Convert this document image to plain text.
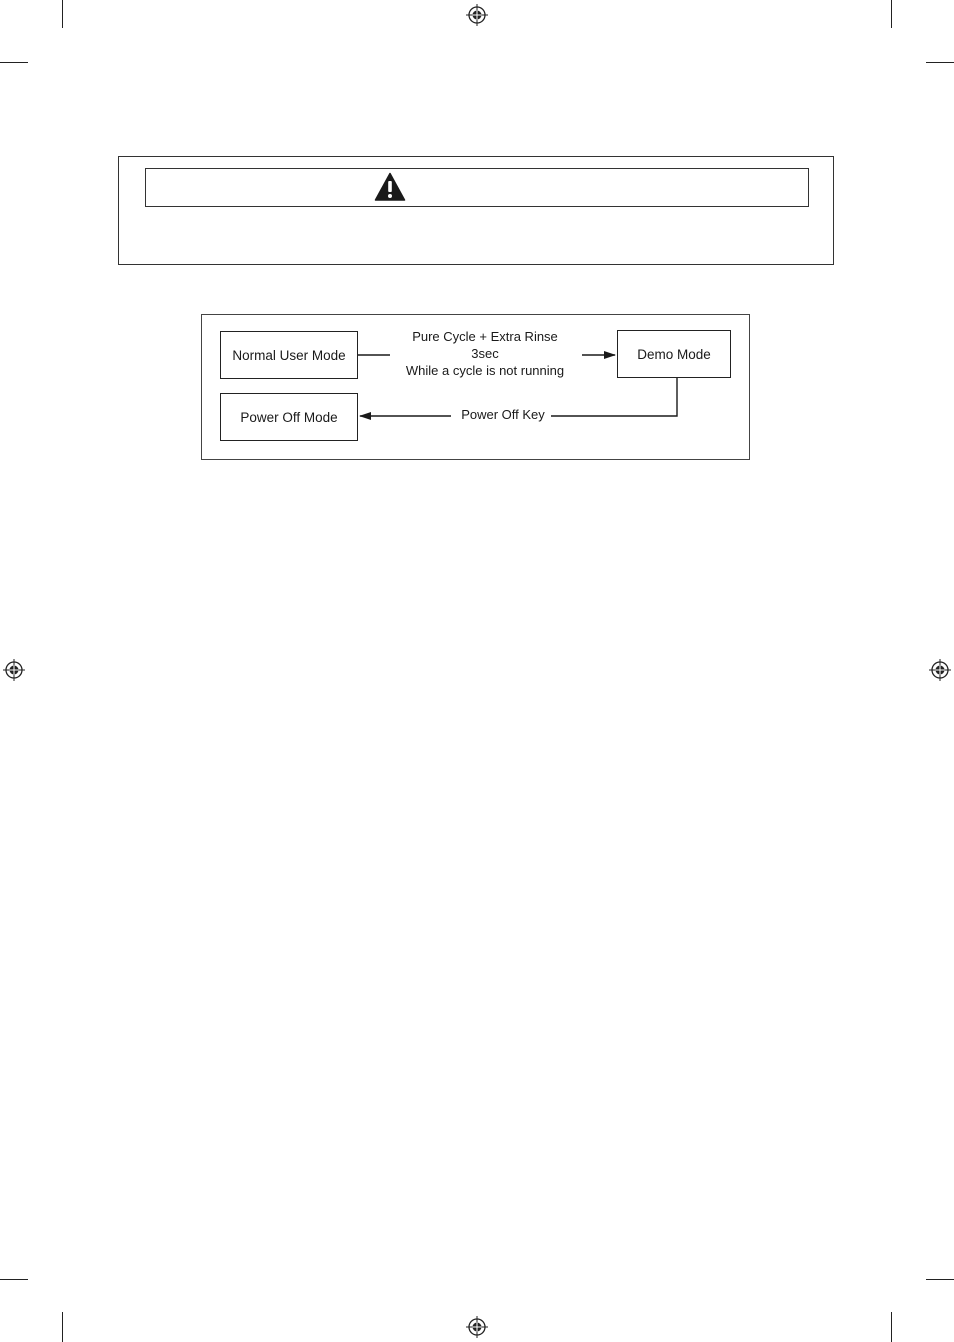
Normal User Mode	Demo Mode
Power Off Mode
Pure Cycle + Extra Rinse
3sec
While a cycle is not running
Power Off Key
